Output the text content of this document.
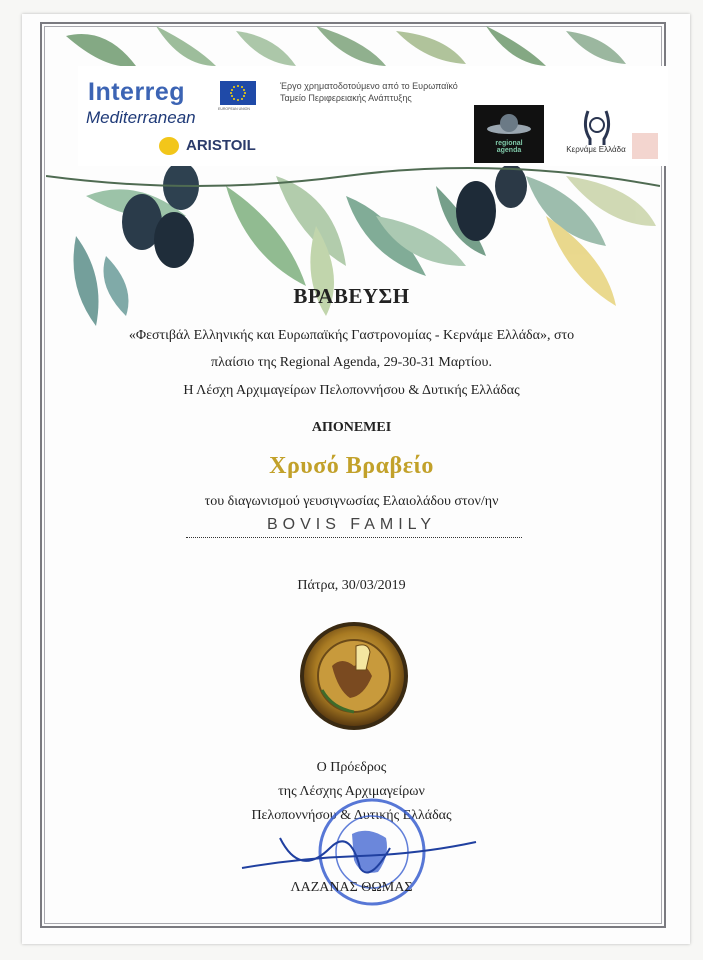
Interreg
EUROPEAN UNION
Mediterranean
ARISTOIL
Έργο χρηματοδοτούμενο από το Ευρωπαϊκό
Ταμείο Περιφερειακής Ανάπτυξης
regional
agenda	Κερνάμε Ελλάδα
ΒΡΑΒΕΥΣΗ
«Φεστιβάλ Ελληνικής και Ευρωπαϊκής Γαστρονομίας - Κερνάμε Ελλάδα», στο
πλαίσιο της Regional Agenda, 29-30-31 Μαρτίου.
Η Λέσχη Αρχιμαγείρων Πελοποννήσου & Δυτικής Ελλάδας
ΑΠΟΝΕΜΕΙ
Χρυσό Βραβείο
του διαγωνισμού γευσιγνωσίας Ελαιολάδου στον/ην
BOVIS FAMILY
Πάτρα, 30/03/2019
Ο Πρόεδρος
της Λέσχης Αρχιμαγείρων
Πελοποννήσου & Δυτικής Ελλάδας
ΛΑΖΑΝΑΣ ΘΩΜΑΣ
